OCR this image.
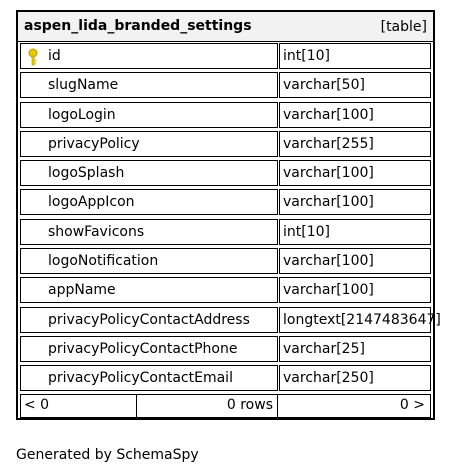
aspen_lida_branded_settings	[table]
id	int[10]
slugName	varchar[50]
logoLogin	varchar[100]
privacyPolicy	varchar[255]
logoSplash	varchar[100]
logoAppIcon	varchar[100]
showFavicons	int[10]
logoNotification	varchar[100]
appName	varchar[100]
privacyPolicyContactAddress longtext[2147483647]
privacyPolicyContactPhone	varchar[25]
privacyPolicyContactEmail	varchar[250]
< 0	0 rows	0 >
Generated by SchemaSpy
